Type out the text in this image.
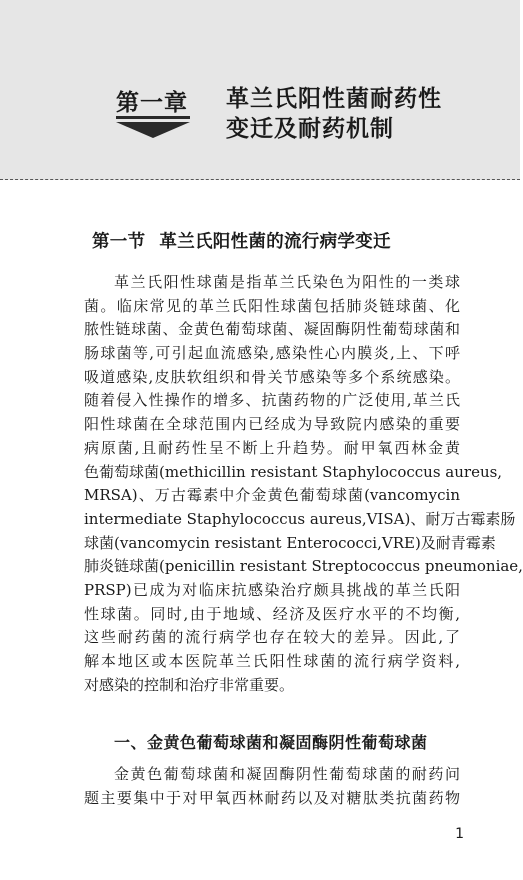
第一章 革兰氏阳性菌耐药性
变迁及耐药机制
第一节 革兰氏阳性菌的流行病学变迁
革兰氏阳性球菌是指革兰氏染色为阳性的一类球
菌。临床常见的革兰氏阳性球菌包括肺炎链球菌、化
脓性链球菌、金黄色葡萄球菌、凝固酶阴性葡萄球菌和
肠球菌等,可引起血流感染,感染性心内膜炎,上、下呼
吸道感染,皮肤软组织和骨关节感染等多个系统感染。
随着侵入性操作的增多、抗菌药物的广泛使用,革兰氏
阳性球菌在全球范围内已经成为导致院内感染的重要
病原菌,且耐药性呈不断上升趋势。耐甲氧西林金黄
色葡萄球菌(methicillin resistant Staphylococcus aureus,
MRSA)、万古霉素中介金黄色葡萄球菌(vancomycin
intermediate Staphylococcus aureus,VISA)、耐万古霉素肠
球菌(vancomycin resistant Enterococci,VRE)及耐青霉素
肺炎链球菌(penicillin resistant Streptococcus pneumoniae,
PRSP)已成为对临床抗感染治疗颇具挑战的革兰氏阳
性球菌。同时,由于地域、经济及医疗水平的不均衡,
这些耐药菌的流行病学也存在较大的差异。因此,了
解本地区或本医院革兰氏阳性球菌的流行病学资料,
对感染的控制和治疗非常重要。
一、金黄色葡萄球菌和凝固酶阴性葡萄球菌
金黄色葡萄球菌和凝固酶阴性葡萄球菌的耐药问
题主要集中于对甲氧西林耐药以及对糖肽类抗菌药物
1
